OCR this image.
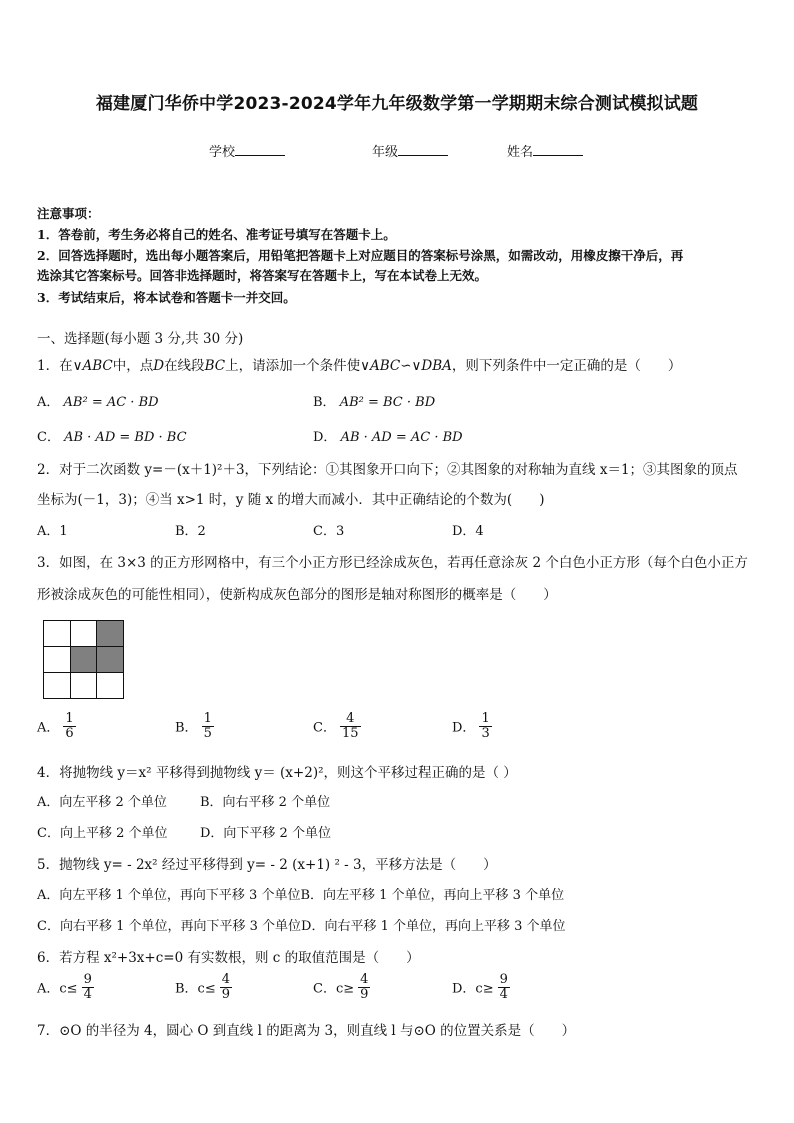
福建厦门华侨中学2023-2024学年九年级数学第一学期期末综合测试模拟试题
学校	年级	姓名
注意事项：
1．答卷前，考生务必将自己的姓名、准考证号填写在答题卡上。
2．回答选择题时，选出每小题答案后，用铅笔把答题卡上对应题目的答案标号涂黑，如需改动，用橡皮擦干净后，再
选涂其它答案标号。回答非选择题时，将答案写在答题卡上，写在本试卷上无效。
3．考试结束后，将本试卷和答题卡一并交回。
一、选择题(每小题 3 分,共 30 分)
1．在∨ABC中，点D在线段BC上，请添加一个条件使∨ABC∽∨DBA，则下列条件中一定正确的是（　　）
A． AB² = AC · BD	B． AB² = BC · BD
C． AB · AD = BD · BC	D． AB · AD = AC · BD
2．对于二次函数 y=－(x＋1)²＋3，下列结论：①其图象开口向下；②其图象的对称轴为直线 x＝1；③其图象的顶点
坐标为(－1，3)；④当 x>1 时，y 随 x 的增大而减小．其中正确结论的个数为(　　)
A．1	B．2	C．3	D．4
3．如图，在 3×3 的正方形网格中，有三个小正方形已经涂成灰色，若再任意涂灰 2 个白色小正方形（每个白色小正方
形被涂成灰色的可能性相同），使新构成灰色部分的图形是轴对称图形的概率是（　　）
A． $\frac{1}{6}$	B． $\frac{1}{5}$	C． $\frac{4}{15}$	D． $\frac{1}{3}$
4．将抛物线 y＝x² 平移得到抛物线 y＝ (x+2)²，则这个平移过程正确的是（ ）
A．向左平移 2 个单位	B．向右平移 2 个单位
C．向上平移 2 个单位	D．向下平移 2 个单位
5．抛物线 y= - 2x² 经过平移得到 y= - 2 (x+1) ² - 3，平移方法是（　　）
A．向左平移 1 个单位，再向下平移 3 个单位B．向左平移 1 个单位，再向上平移 3 个单位
C．向右平移 1 个单位，再向下平移 3 个单位D．向右平移 1 个单位，再向上平移 3 个单位
6．若方程 x²+3x+c=0 有实数根，则 c 的取值范围是（　　）
A．$c\le \frac{9}{4}$	B．$c\le \frac{4}{9}$	C．$c\ge \frac{4}{9}$	D．$c\ge \frac{9}{4}$
7．⊙O 的半径为 4，圆心 O 到直线 l 的距离为 3，则直线 l 与⊙O 的位置关系是（　　）
